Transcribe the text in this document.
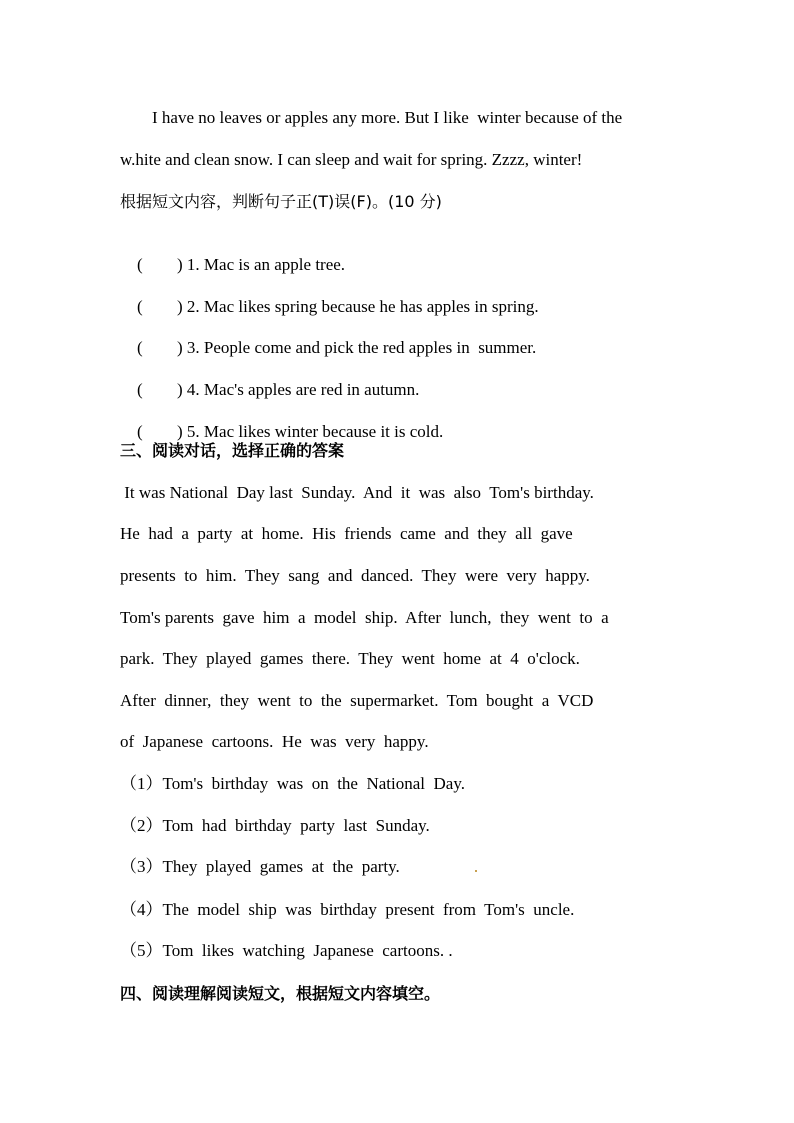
I have no leaves or apples any more. But I like  winter because of the
w.hite and clean snow. I can sleep and wait for spring. Zzzz, winter!
根据短文内容，判断句子正(T)误(F)。(10 分)

( ) 1. Mac is an apple tree.

( ) 2. Mac likes spring because he has apples in spring.

( ) 3. People come and pick the red apples in  summer.

( ) 4. Mac's apples are red in autumn.

( ) 5. Mac likes winter because it is cold.

三、阅读对话，选择正确的答案
It was National  Day last  Sunday.  And  it  was  also  Tom's birthday.
He  had  a  party  at  home.  His  friends  came  and  they  all  gave
presents  to  him.  They  sang  and  danced.  They  were  very  happy.
Tom's parents  gave  him  a  model  ship.  After  lunch,  they  went  to  a
park.  They  played  games  there.  They  went  home  at  4  o'clock.
After  dinner,  they  went  to  the  supermarket.  Tom  bought  a  VCD
of  Japanese  cartoons.  He  was  very  happy.
（1）Tom's  birthday  was  on  the  National  Day.
（2）Tom  had  birthday  party  last  Sunday.
（3）They  played  games  at  the  party.
（4）The  model  ship  was  birthday  present  from  Tom's  uncle.
（5）Tom  likes  watching  Japanese  cartoons. .
四、阅读理解阅读短文，根据短文内容填空。
